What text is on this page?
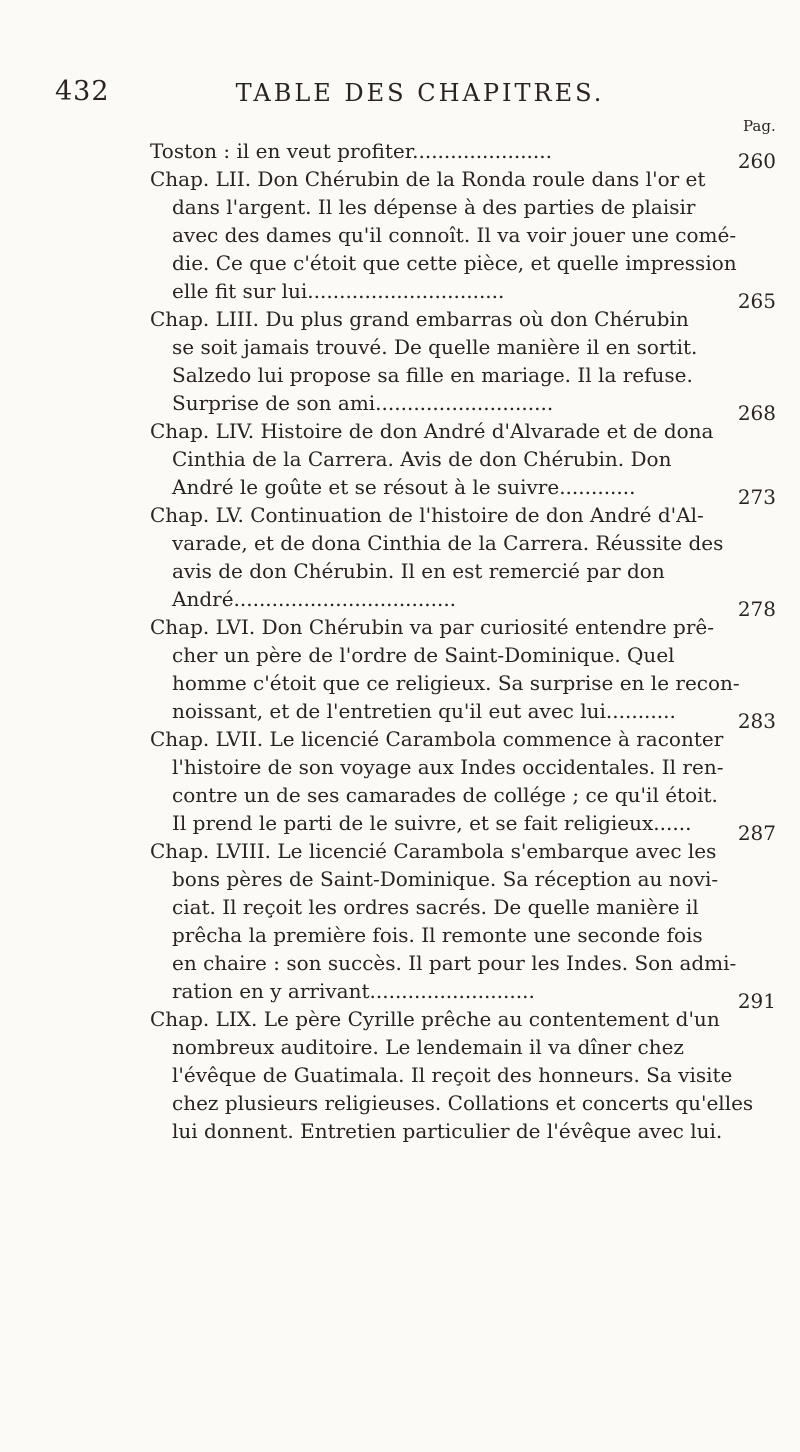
432	TABLE DES CHAPITRES.
Pag.
Toston : il en veut profiter......................	260
Chap. LII. Don Chérubin de la Ronda roule dans l'or et
dans l'argent. Il les dépense à des parties de plaisir
avec des dames qu'il connoît. Il va voir jouer une comé-
die. Ce que c'étoit que cette pièce, et quelle impression
elle fit sur lui...............................	265
Chap. LIII. Du plus grand embarras où don Chérubin
se soit jamais trouvé. De quelle manière il en sortit.
Salzedo lui propose sa fille en mariage. Il la refuse.
Surprise de son ami............................	268
Chap. LIV. Histoire de don André d'Alvarade et de dona
Cinthia de la Carrera. Avis de don Chérubin. Don
André le goûte et se résout à le suivre............	273
Chap. LV. Continuation de l'histoire de don André d'Al-
varade, et de dona Cinthia de la Carrera. Réussite des
avis de don Chérubin. Il en est remercié par don
André...................................	278
Chap. LVI. Don Chérubin va par curiosité entendre prê-
cher un père de l'ordre de Saint-Dominique. Quel
homme c'étoit que ce religieux. Sa surprise en le recon-
noissant, et de l'entretien qu'il eut avec lui...........	283
Chap. LVII. Le licencié Carambola commence à raconter
l'histoire de son voyage aux Indes occidentales. Il ren-
contre un de ses camarades de collége ; ce qu'il étoit.
Il prend le parti de le suivre, et se fait religieux...... 287
Chap. LVIII. Le licencié Carambola s'embarque avec les
bons pères de Saint-Dominique. Sa réception au novi-
ciat. Il reçoit les ordres sacrés. De quelle manière il
prêcha la première fois. Il remonte une seconde fois
en chaire : son succès. Il part pour les Indes. Son admi-
ration en y arrivant..........................	291
Chap. LIX. Le père Cyrille prêche au contentement d'un
nombreux auditoire. Le lendemain il va dîner chez
l'évêque de Guatimala. Il reçoit des honneurs. Sa visite
chez plusieurs religieuses. Collations et concerts qu'elles
lui donnent. Entretien particulier de l'évêque avec lui.
